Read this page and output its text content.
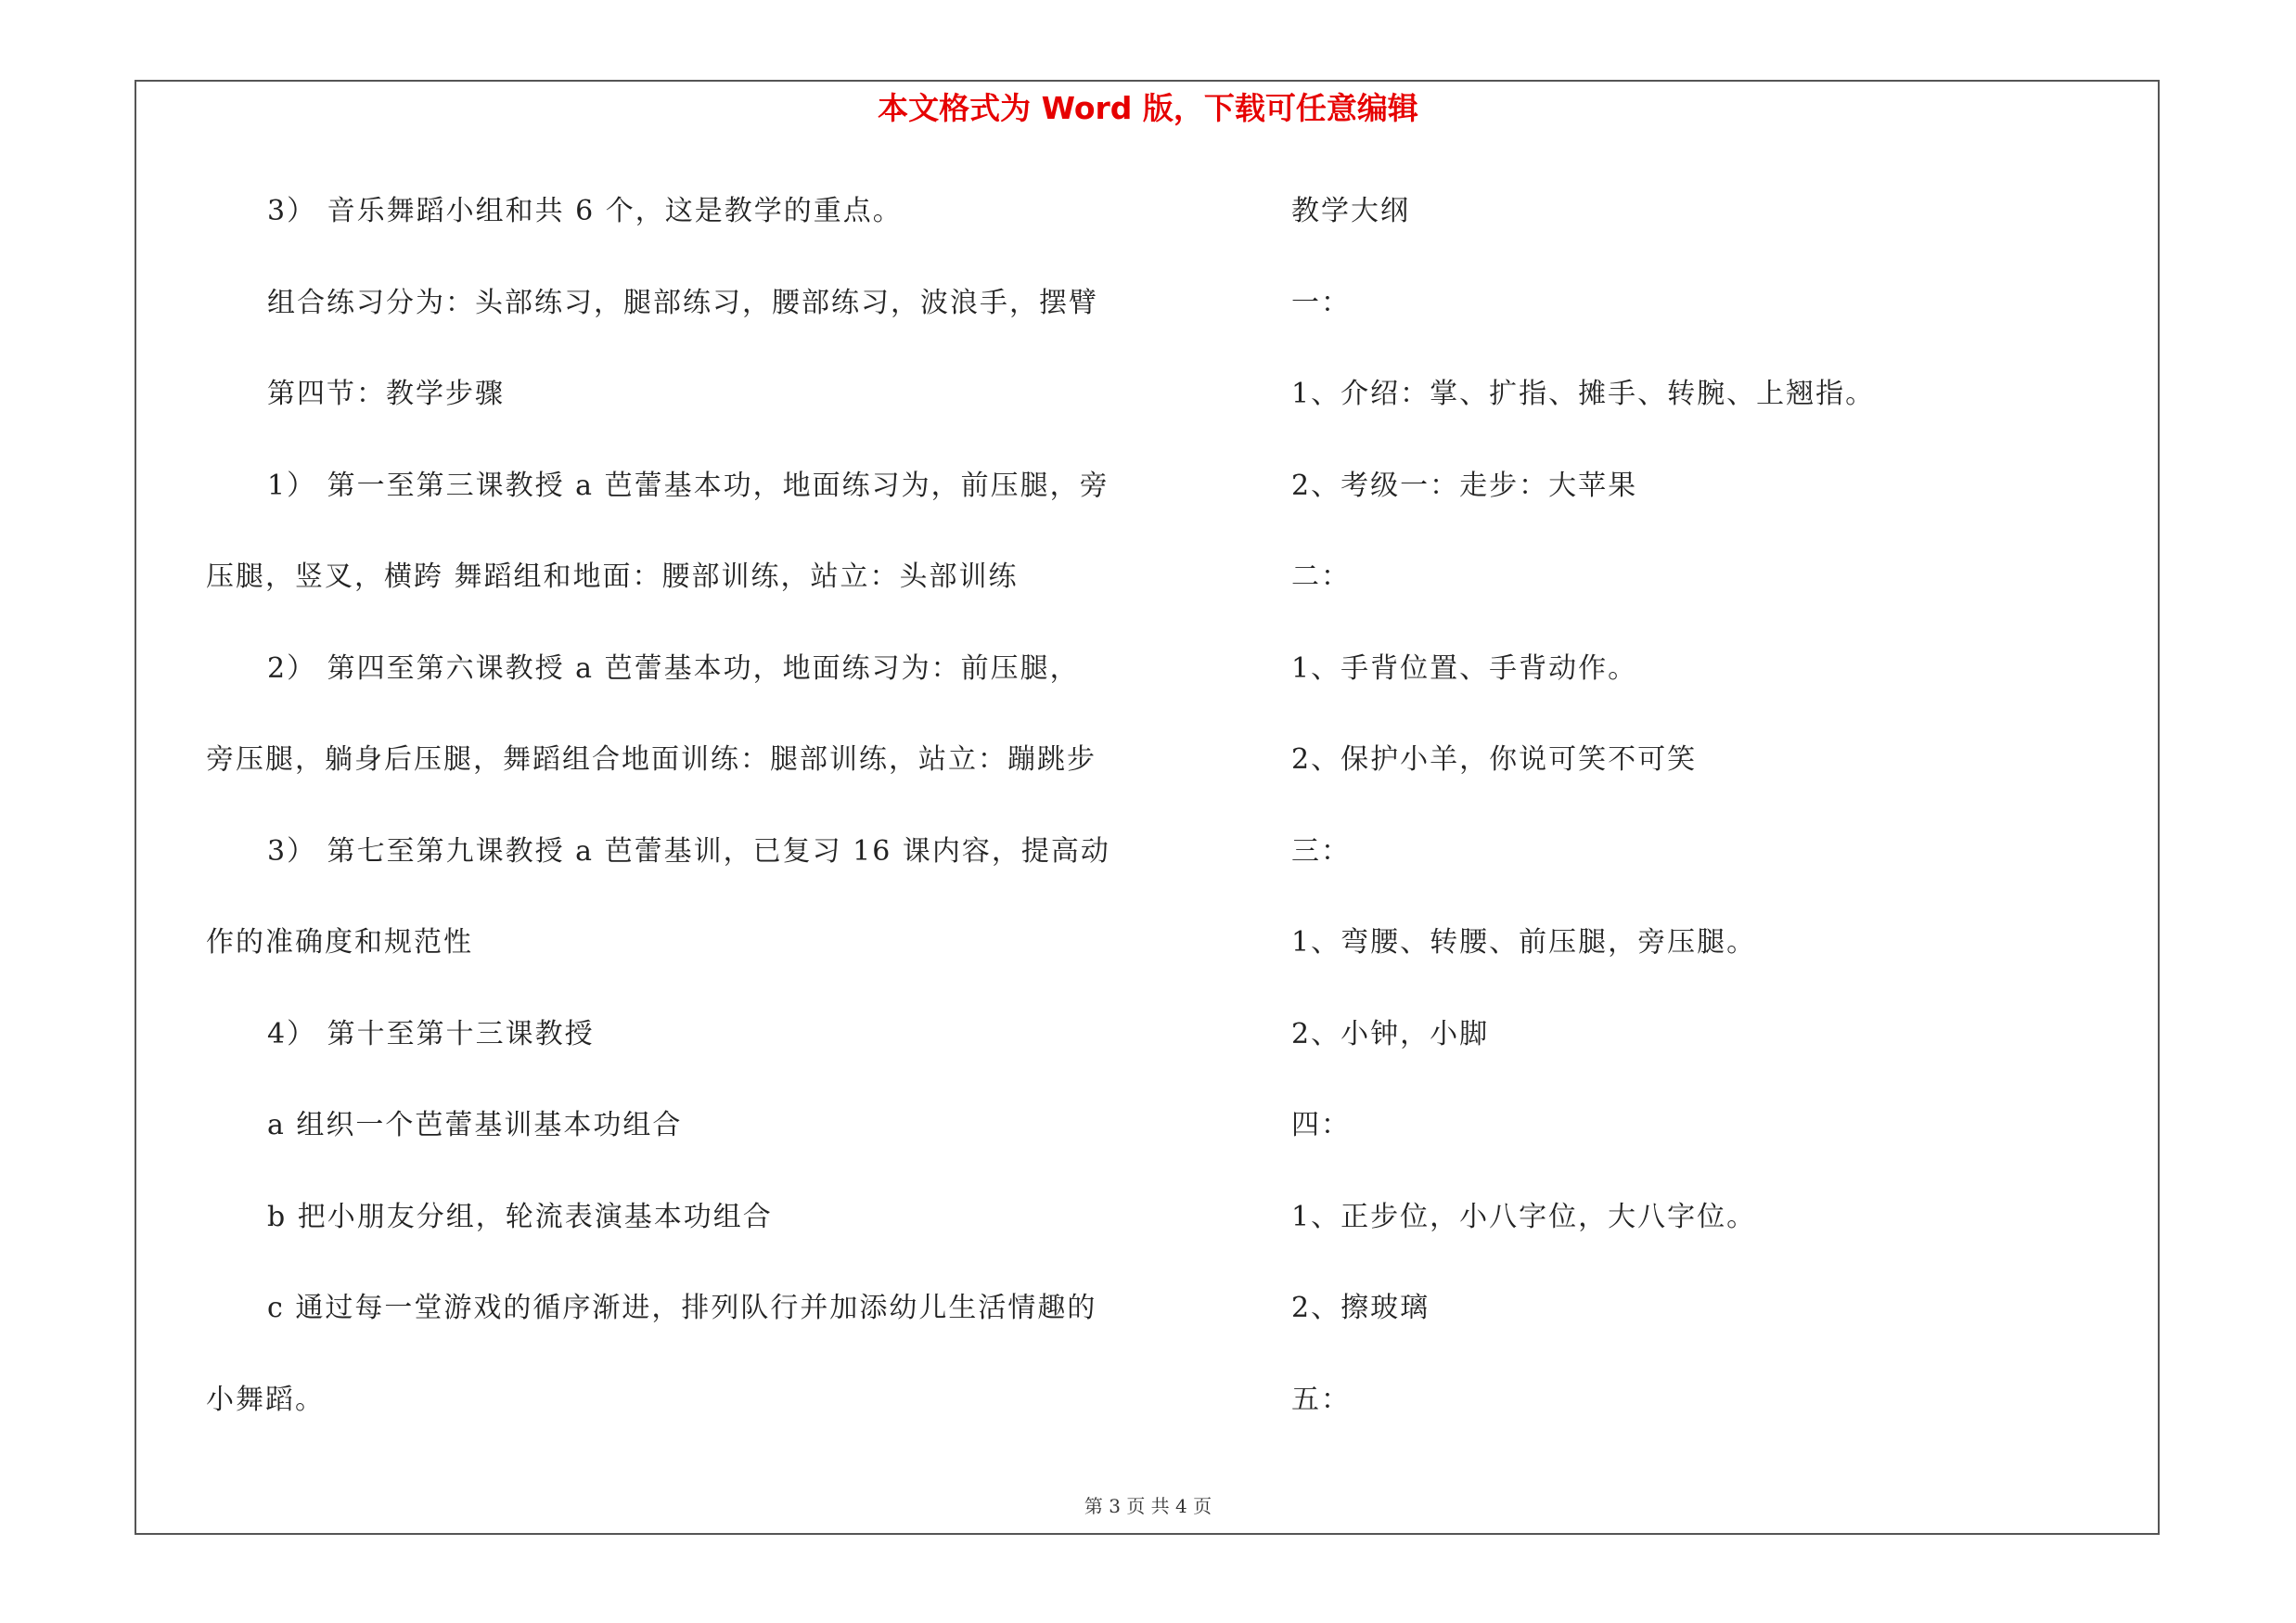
本文格式为 Word 版，下载可任意编辑
3） 音乐舞蹈小组和共 6 个，这是教学的重点。
组合练习分为：头部练习，腿部练习，腰部练习，波浪手，摆臂
第四节：教学步骤
1） 第一至第三课教授 a 芭蕾基本功，地面练习为，前压腿，旁
压腿，竖叉，横跨 舞蹈组和地面：腰部训练，站立：头部训练
2） 第四至第六课教授 a 芭蕾基本功，地面练习为：前压腿，
旁压腿，躺身后压腿，舞蹈组合地面训练：腿部训练，站立：蹦跳步
3） 第七至第九课教授 a 芭蕾基训，已复习 16 课内容，提高动
作的准确度和规范性
4） 第十至第十三课教授
a 组织一个芭蕾基训基本功组合
b 把小朋友分组，轮流表演基本功组合
c 通过每一堂游戏的循序渐进，排列队行并加添幼儿生活情趣的
小舞蹈。
教学大纲
一：
1、介绍：掌、扩指、摊手、转腕、上翘指。
2、考级一：走步：大苹果
二：
1、手背位置、手背动作。
2、保护小羊，你说可笑不可笑
三：
1、弯腰、转腰、前压腿，旁压腿。
2、小钟，小脚
四：
1、正步位，小八字位，大八字位。
2、擦玻璃
五：
第 3 页 共 4 页
